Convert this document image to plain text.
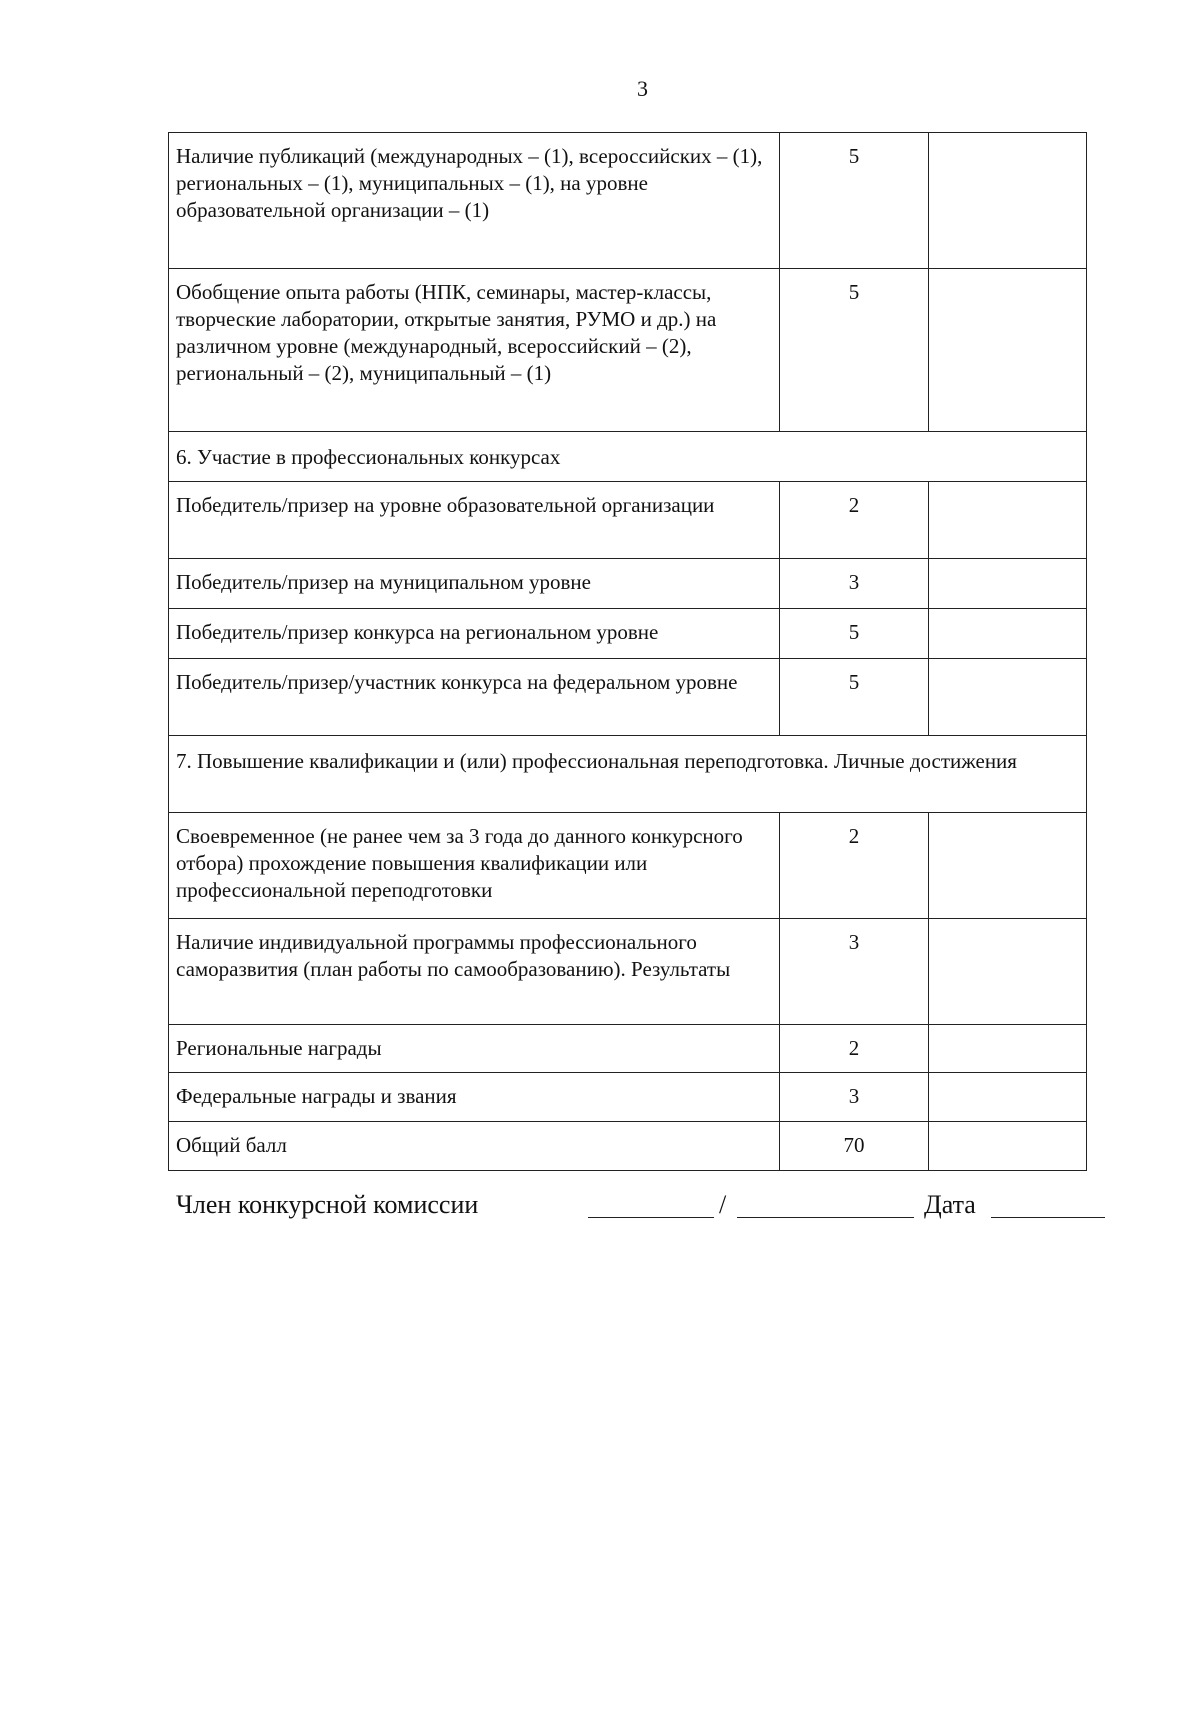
3
Наличие публикаций (международных – (1), всероссийских – (1), региональных – (1), муниципальных – (1), на уровне образовательной организации – (1)	5	
Обобщение опыта работы (НПК, семинары, мастер-классы, творческие лаборатории, открытые занятия, РУМО и др.) на различном уровне (международный, всероссийский – (2), региональный – (2), муниципальный – (1)	5	
6. Участие в профессиональных конкурсах		
Победитель/призер на уровне образовательной организации	2	
Победитель/призер на муниципальном уровне	3	
Победитель/призер конкурса на региональном уровне	5	
Победитель/призер/участник конкурса на федеральном уровне	5	
7. Повышение квалификации и (или) профессиональная переподготовка. Личные достижения		
Своевременное (не ранее чем за 3 года до данного конкурсного отбора) прохождение повышения квалификации или профессиональной переподготовки	2	
Наличие индивидуальной программы профессионального саморазвития (план работы по самообразованию). Результаты	3	
Региональные награды	2	
Федеральные награды и звания	3	
Общий балл	70	
Член конкурсной комиссии	/	Дата
